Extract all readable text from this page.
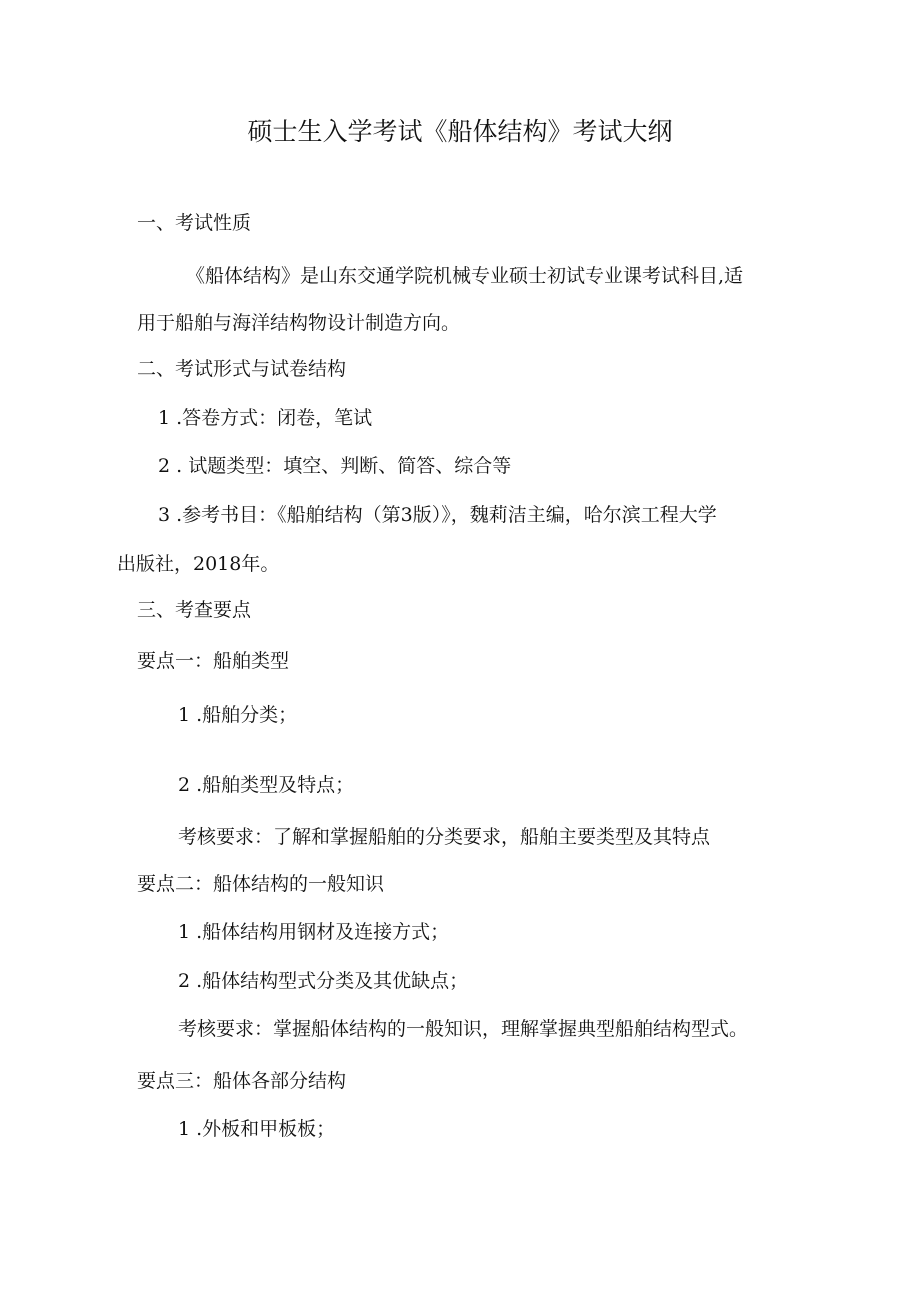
硕士生入学考试《船体结构》考试大纲
一、考试性质
《船体结构》是山东交通学院机械专业硕士初试专业课考试科目,适
用于船舶与海洋结构物设计制造方向。
二、考试形式与试卷结构
1 .答卷方式：闭卷，笔试
2 . 试题类型：填空、判断、简答、综合等
3 .参考书目：《船舶结构（第3版）》，魏莉洁主编，哈尔滨工程大学
出版社，2018年。
三、考查要点
要点一：船舶类型
1 .船舶分类；
2 .船舶类型及特点；
考核要求：了解和掌握船舶的分类要求，船舶主要类型及其特点
要点二：船体结构的一般知识
1 .船体结构用钢材及连接方式；
2 .船体结构型式分类及其优缺点；
考核要求：掌握船体结构的一般知识，理解掌握典型船舶结构型式。
要点三：船体各部分结构
1 .外板和甲板板；
